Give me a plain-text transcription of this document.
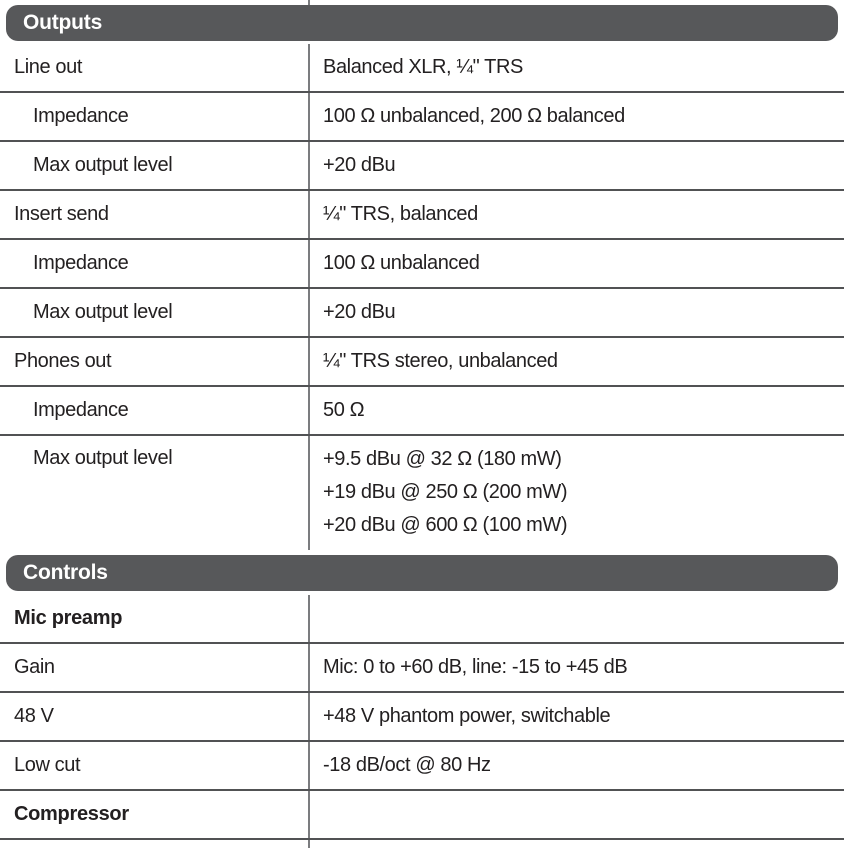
Outputs
Line out	Balanced XLR, ¼" TRS
Impedance	100 Ω unbalanced, 200 Ω balanced
Max output level	+20 dBu
Insert send	¼" TRS, balanced
Impedance	100 Ω unbalanced
Max output level	+20 dBu
Phones out	¼" TRS stereo, unbalanced
Impedance	50 Ω
Max output level	+9.5 dBu @ 32 Ω (180 mW)
+19 dBu @ 250 Ω (200 mW)
+20 dBu @ 600 Ω (100 mW)
Controls
Mic preamp
Gain	Mic: 0 to +60 dB, line: -15 to +45 dB
48 V	+48 V phantom power, switchable
Low cut	-18 dB/oct @ 80 Hz
Compressor
